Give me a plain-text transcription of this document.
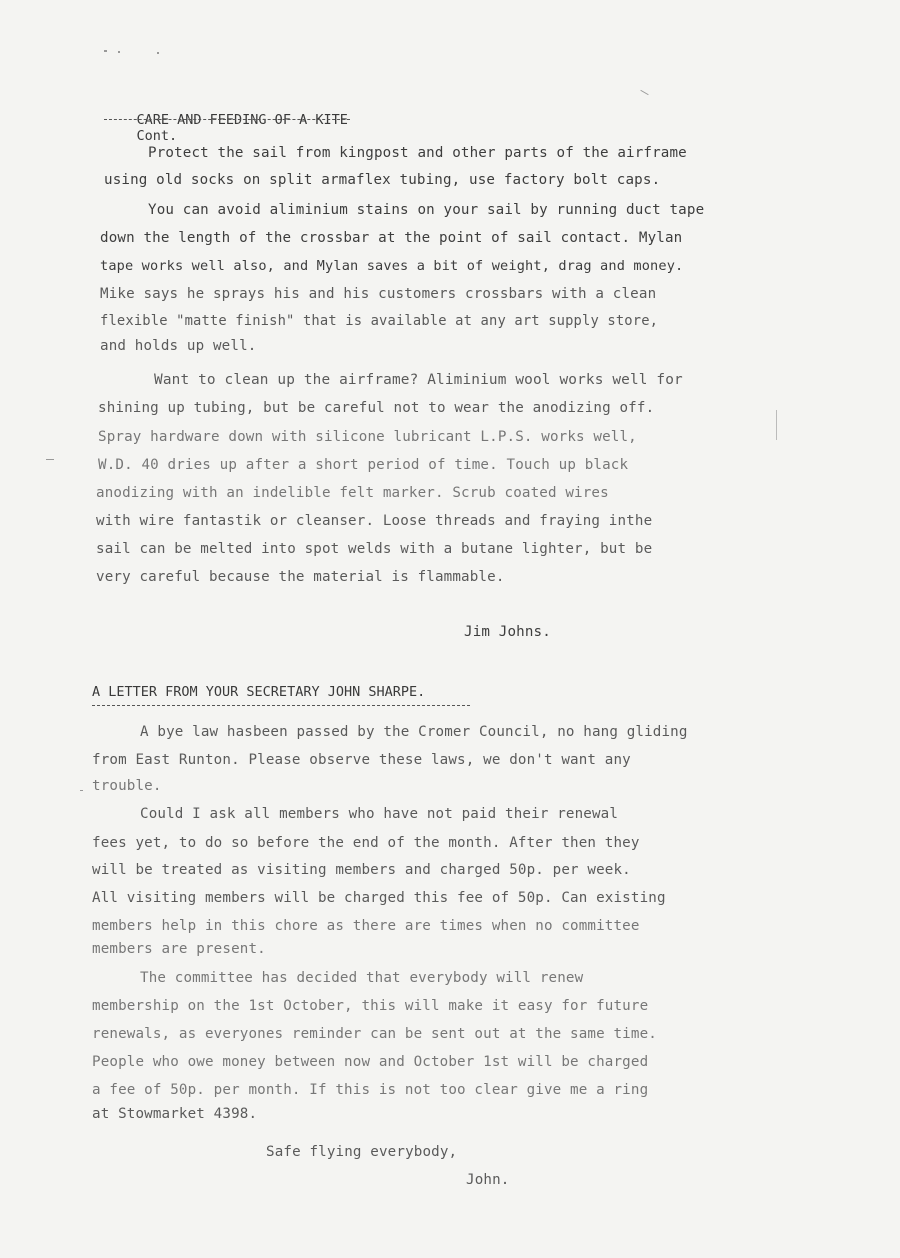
CARE AND FEEDING OF A KITE
Cont.

Protect the sail from kingpost and other parts of the airframe
using old socks on split armaflex tubing, use factory bolt caps.
You can avoid aliminium stains on your sail by running duct tape
down the length of the crossbar at the point of sail contact. Mylan
tape works well also, and Mylan saves a bit of weight, drag and money.
Mike says he sprays his and his customers crossbars with a clean
flexible "matte finish" that is available at any art supply store,
and holds up well.
Want to clean up the airframe? Aliminium wool works well for
shining up tubing, but be careful not to wear the anodizing off.
Spray hardware down with silicone lubricant L.P.S. works well,
W.D. 40 dries up after a short period of time. Touch up black
anodizing with an indelible felt marker. Scrub coated wires
with wire fantastik or cleanser. Loose threads and fraying inthe
sail can be melted into spot welds with a butane lighter, but be
very careful because the material is flammable.
Jim Johns.
A LETTER FROM YOUR SECRETARY JOHN SHARPE.
A bye law hasbeen passed by the Cromer Council, no hang gliding
from East Runton. Please observe these laws, we don't want any
trouble.
Could I ask all members who have not paid their renewal
fees yet, to do so before the end of the month. After then they
will be treated as visiting members and charged 50p. per week.
All visiting members will be charged this fee of 50p. Can existing
members help in this chore as there are times when no committee
members are present.
The committee has decided that everybody will renew
membership on the 1st October, this will make it easy for future
renewals, as everyones reminder can be sent out at the same time.
People who owe money between now and October 1st will be charged
a fee of 50p. per month. If this is not too clear give me a ring
at Stowmarket 4398.
Safe flying everybody,
John.
